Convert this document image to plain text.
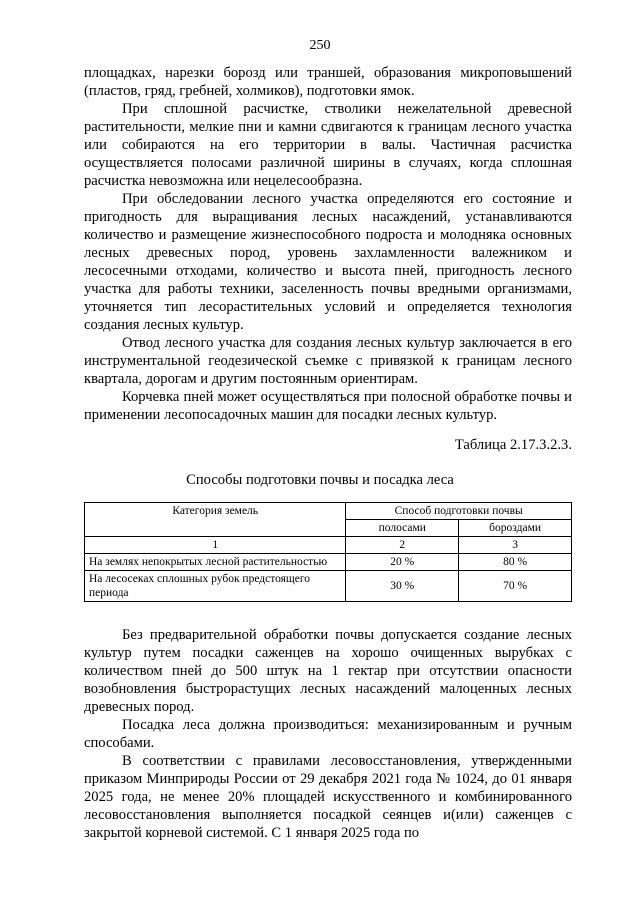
250

площадках, нарезки борозд или траншей, образования микроповышений (пластов, гряд, гребней, холмиков), подготовки ямок.

При сплошной расчистке, стволики нежелательной древесной растительности, мелкие пни и камни сдвигаются к границам лесного участка или собираются на его территории в валы. Частичная расчистка осуществляется полосами различной ширины в случаях, когда сплошная расчистка невозможна или нецелесообразна.

При обследовании лесного участка определяются его состояние и пригодность для выращивания лесных насаждений, устанавливаются количество и размещение жизнеспособного подроста и молодняка основных лесных древесных пород, уровень захламленности валежником и лесосечными отходами, количество и высота пней, пригодность лесного участка для работы техники, заселенность почвы вредными организмами, уточняется тип лесорастительных условий и определяется технология создания лесных культур.

Отвод лесного участка для создания лесных культур заключается в его инструментальной геодезической съемке с привязкой к границам лесного квартала, дорогам и другим постоянным ориентирам.

Корчевка пней может осуществляться при полосной обработке почвы и применении лесопосадочных машин для посадки лесных культур.

Таблица 2.17.3.2.3.
Способы подготовки почвы и посадка леса
Категория земель	Способ подготовки почвы	
	полосами	бороздами
1	2	3
На землях непокрытых лесной растительностью	20 %	80 %
На лесосеках сплошных рубок предстоящего периода	30 %	70 %

Без предварительной обработки почвы допускается создание лесных культур путем посадки саженцев на хорошо очищенных вырубках с количеством пней до 500 штук на 1 гектар при отсутствии опасности возобновления быстрорастущих лесных насаждений малоценных лесных древесных пород.

Посадка леса должна производиться: механизированным и ручным способами.

В соответствии с правилами лесовосстановления, утвержденными приказом Минприроды России от 29 декабря 2021 года № 1024, до 01 января 2025 года, не менее 20% площадей искусственного и комбинированного лесовосстановления выполняется посадкой сеянцев и(или) саженцев с закрытой корневой системой. С 1 января 2025 года по
